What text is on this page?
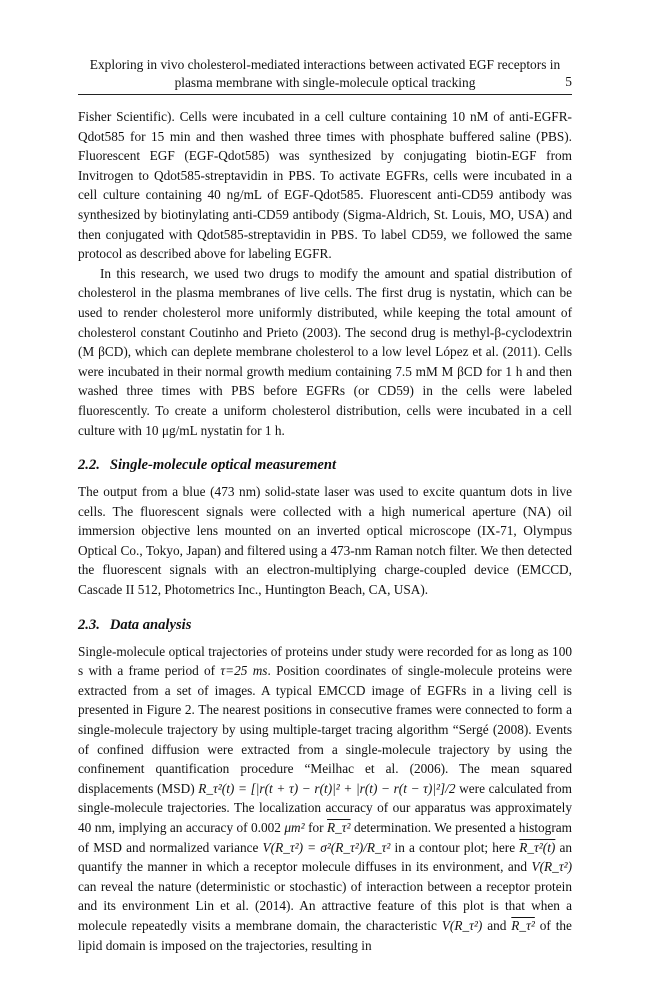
Exploring in vivo cholesterol-mediated interactions between activated EGF receptors in
plasma membrane with single-molecule optical tracking	5

Fisher Scientific). Cells were incubated in a cell culture containing 10 nM of anti-EGFR-Qdot585 for 15 min and then washed three times with phosphate buffered saline (PBS). Fluorescent EGF (EGF-Qdot585) was synthesized by conjugating biotin-EGF from Invitrogen to Qdot585-streptavidin in PBS. To activate EGFRs, cells were incubated in a cell culture containing 40 ng/mL of EGF-Qdot585. Fluorescent anti-CD59 antibody was synthesized by biotinylating anti-CD59 antibody (Sigma-Aldrich, St. Louis, MO, USA) and then conjugated with Qdot585-streptavidin in PBS. To label CD59, we followed the same protocol as described above for labeling EGFR.

In this research, we used two drugs to modify the amount and spatial distribution of cholesterol in the plasma membranes of live cells. The first drug is nystatin, which can be used to render cholesterol more uniformly distributed, while keeping the total amount of cholesterol constant Coutinho and Prieto (2003). The second drug is methyl-β-cyclodextrin (M βCD), which can deplete membrane cholesterol to a low level López et al. (2011). Cells were incubated in their normal growth medium containing 7.5 mM M βCD for 1 h and then washed three times with PBS before EGFRs (or CD59) in the cells were labeled fluorescently. To create a uniform cholesterol distribution, cells were incubated in a cell culture with 10 μg/mL nystatin for 1 h.

2.2. Single-molecule optical measurement

The output from a blue (473 nm) solid-state laser was used to excite quantum dots in live cells. The fluorescent signals were collected with a high numerical aperture (NA) oil immersion objective lens mounted on an inverted optical microscope (IX-71, Olympus Optical Co., Tokyo, Japan) and filtered using a 473-nm Raman notch filter. We then detected the fluorescent signals with an electron-multiplying charge-coupled device (EMCCD, Cascade II 512, Photometrics Inc., Huntington Beach, CA, USA).

2.3. Data analysis

Single-molecule optical trajectories of proteins under study were recorded for as long as 100 s with a frame period of τ=25 ms. Position coordinates of single-molecule proteins were extracted from a set of images. A typical EMCCD image of EGFRs in a living cell is presented in Figure 2. The nearest positions in consecutive frames were connected to form a single-molecule trajectory by using multiple-target tracing algorithm “Sergé (2008). Events of confined diffusion were extracted from a single-molecule trajectory by using the confinement quantification procedure “Meilhac et al. (2006). The mean squared displacements (MSD) R_τ²(t) = [|r(t + τ) − r(t)|² + |r(t) − r(t − τ)|²]/2 were calculated from single-molecule trajectories. The localization accuracy of our apparatus was approximately 40 nm, implying an accuracy of 0.002 μm² for R_τ² determination. We presented a histogram of MSD and normalized variance V(R_τ²) = σ²(R_τ²)/R_τ² in a contour plot; here R_τ²(t) an quantify the manner in which a receptor molecule diffuses in its environment, and V(R_τ²) can reveal the nature (deterministic or stochastic) of interaction between a receptor protein and its environment Lin et al. (2014). An attractive feature of this plot is that when a molecule repeatedly visits a membrane domain, the characteristic V(R_τ²) and R_τ² of the lipid domain is imposed on the trajectories, resulting in
